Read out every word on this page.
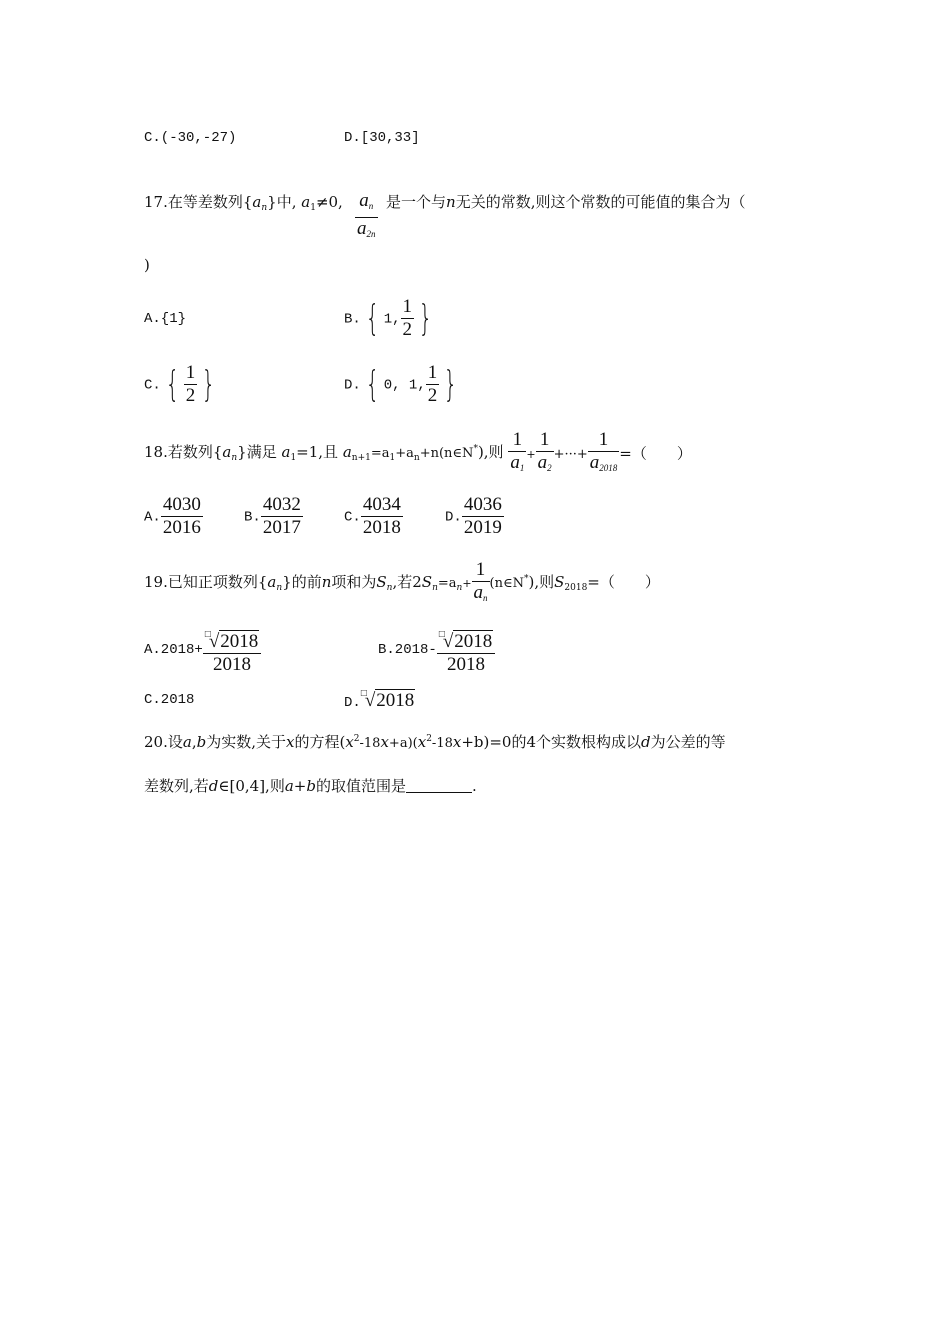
C.(-30,-27)	D.[30,33]
17.在等差数列$\{a_n\}$中, $a_1\ne 0$, $\frac{a_n}{a_{2n}}$ 是一个与n无关的常数,则这个常数的可能值的集合为（
)
A.{1}	B. { 1, $\frac{1}{2}$ }
C. { $\frac{1}{2}$ }	D. { 0, 1, $\frac{1}{2}$ }
18.若数列$\{a_n\}$满足 $a_1=1$,且 $a_{n+1}=a_1+a_n+n(n\in N^*)$,则 $\frac{1}{a_1} + \frac{1}{a_2}$ +···+ $\frac{1}{a_{2018}}$ =（　　）
A. $\frac{4030}{2016}$	B. $\frac{4032}{2017}$	C. $\frac{4034}{2018}$	D. $\frac{4036}{2019}$
19.已知正项数列$\{a_n\}$的前n项和为$S_n$,若$2S_n=a_n+ \frac{1}{a_n}$ (n∈N*),则$S_{2018}=$（　　）
$A.2018+ \frac{^□√2018}{2018}$	$B.2018- \frac{^□√2018}{2018}$
C.2018	D.□√2018
20.设a,b为实数,关于x的方程$(x^2-18x+a)(x^2-18x+b)=0$的4个实数根构成以d为公差的等
差数列,若d∈[0,4],则a+b的取值范围是	.
